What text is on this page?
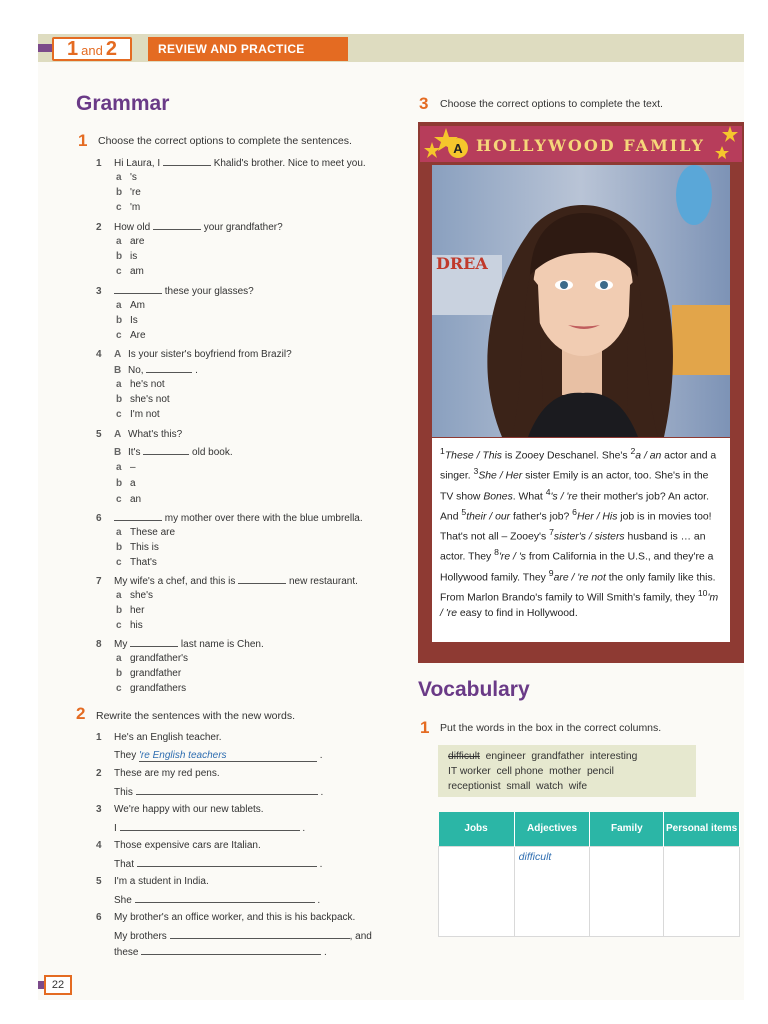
1 and 2	REVIEW AND PRACTICE
Grammar
1 Choose the correct options to complete the sentences.
1 Hi Laura, I	Khalid's brother. Nice to meet you.
a 's
b 're
c 'm
2 How old	your grandfather?
a are
b is
c am
3	these your glasses?
a Am
b Is
c Are
4 A Is your sister's boyfriend from Brazil?
B No,	.
a he's not
b she's not
c I'm not
5 A What's this?
B It's	old book.
a –
b a
c an
6	my mother over there with the blue umbrella.
a These are
b This is
c That's
7 My wife's a chef, and this is	new restaurant.
a she's
b her
c his
8 My	last name is Chen.
a grandfather's
b grandfather
c grandfathers
2 Rewrite the sentences with the new words.
1 He's an English teacher.
They 're English teachers	.
2 These are my red pens.
This	.
3 We're happy with our new tablets.
I	.
4 Those expensive cars are Italian.
That	.
5 I'm a student in India.
She	.
6 My brother's an office worker, and this is his backpack.
My brothers	, and
these	.
3 Choose the correct options to complete the text.
A HOLLYWOOD FAMILY
DREA
$^1$These / This is Zooey Deschanel. She's $^2$a / an actor and a singer. $^3$She / Her sister Emily is an actor, too. She's in the TV show Bones. What $^4$'s / 're their mother's job? An actor. And $^5$their / our father's job? $^6$Her / His job is in movies too! That's not all – Zooey's $^7$sister's / sisters husband is … an actor. They $^8$'re / 's from California in the U.S., and they're a Hollywood family. They $^9$are / 're not the only family like this. From Marlon Brando's family to Will Smith's family, they $^{10}$'m / 're easy to find in Hollywood.
Vocabulary
1 Put the words in the box in the correct columns.
difficult engineer grandfather interesting
IT worker cell phone mother pencil
receptionist small watch wife
Jobs	Adjectives	Family	Personal items
	difficult		
22
